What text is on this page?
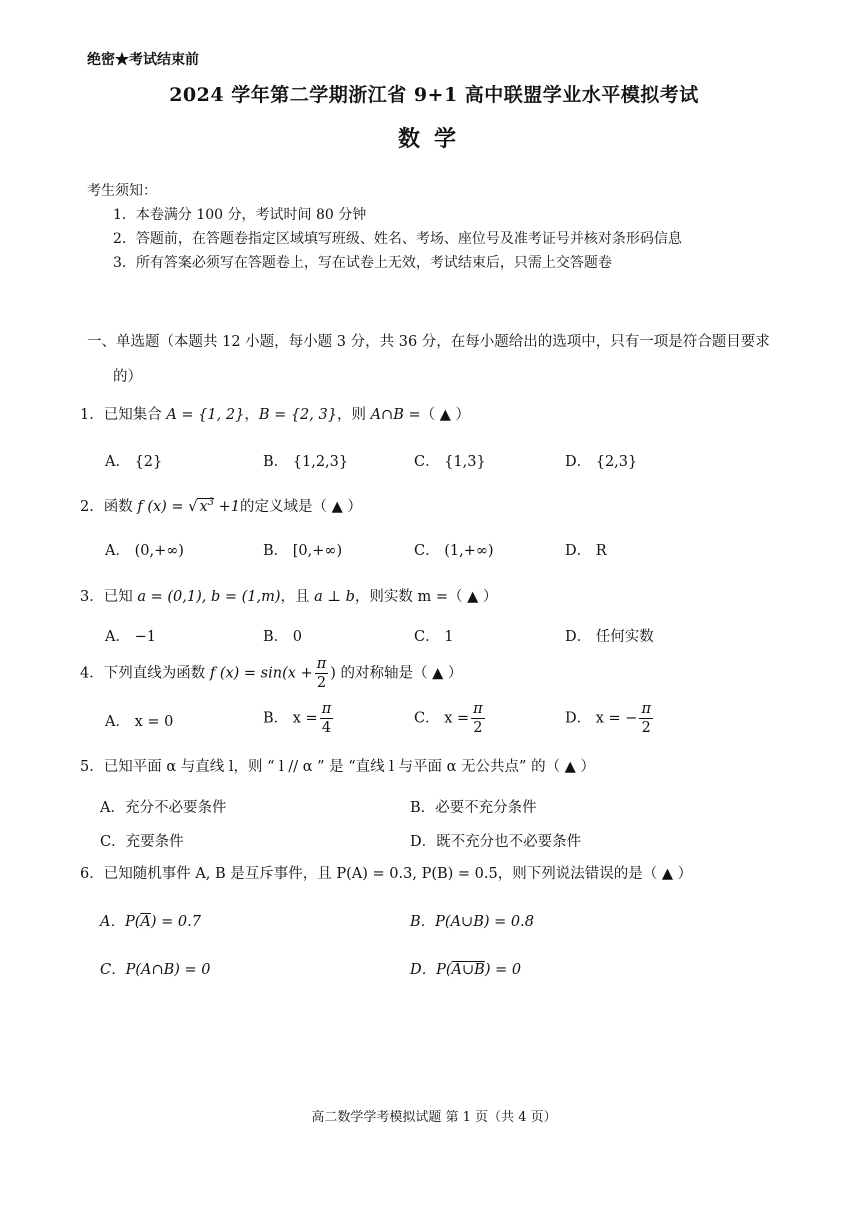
绝密★考试结束前
2024 学年第二学期浙江省 9+1 高中联盟学业水平模拟考试
数学
考生须知：
1．本卷满分 100 分，考试时间 80 分钟
2．答题前，在答题卷指定区域填写班级、姓名、考场、座位号及准考证号并核对条形码信息
3．所有答案必须写在答题卷上，写在试卷上无效，考试结束后，只需上交答题卷
一、单选题（本题共 12 小题，每小题 3 分，共 36 分，在每小题给出的选项中，只有一项是符合题目要求
的）
1．已知集合 A = {1, 2}，B = {2, 3}，则 A∩B =（ ▲ ）
A． {2}	B． {1,2,3}	C． {1,3}	D． {2,3}
2．函数 f (x) = √ $x^3 +1$的定义域是（ ▲ ）
A． (0,+∞)	B． [0,+∞)	C． (1,+∞)	D． R
3．已知 a = (0,1), b = (1,m)，且 a ⊥ b，则实数 m =（ ▲ ）
A． −1	B． 0	C． 1	D． 任何实数
4．下列直线为函数 f $(x) = \sin(x + \frac{\pi}{2}$ ) 的对称轴是（ ▲ ）
A． x = 0	B． $x = \frac{\pi}{4}$	C． $x = \frac{\pi}{2}$	D． x = − $\frac{\pi}{2}$
5．已知平面 α 与直线 l，则 “ l // α ” 是 “直线 l 与平面 α 无公共点” 的（ ▲ ）
A．充分不必要条件	B．必要不充分条件
C．充要条件	D．既不充分也不必要条件
6．已知随机事件 A, B 是互斥事件，且 P(A) = 0.3, P(B) = 0.5，则下列说法错误的是（ ▲ ）
A．$P(\overline{A}) = 0.7$	B．P(A∪B) = 0.8
C．P(A∩B) = 0	D．P(A∪B) = 0
高二数学学考模拟试题 第 1 页（共 4 页）
